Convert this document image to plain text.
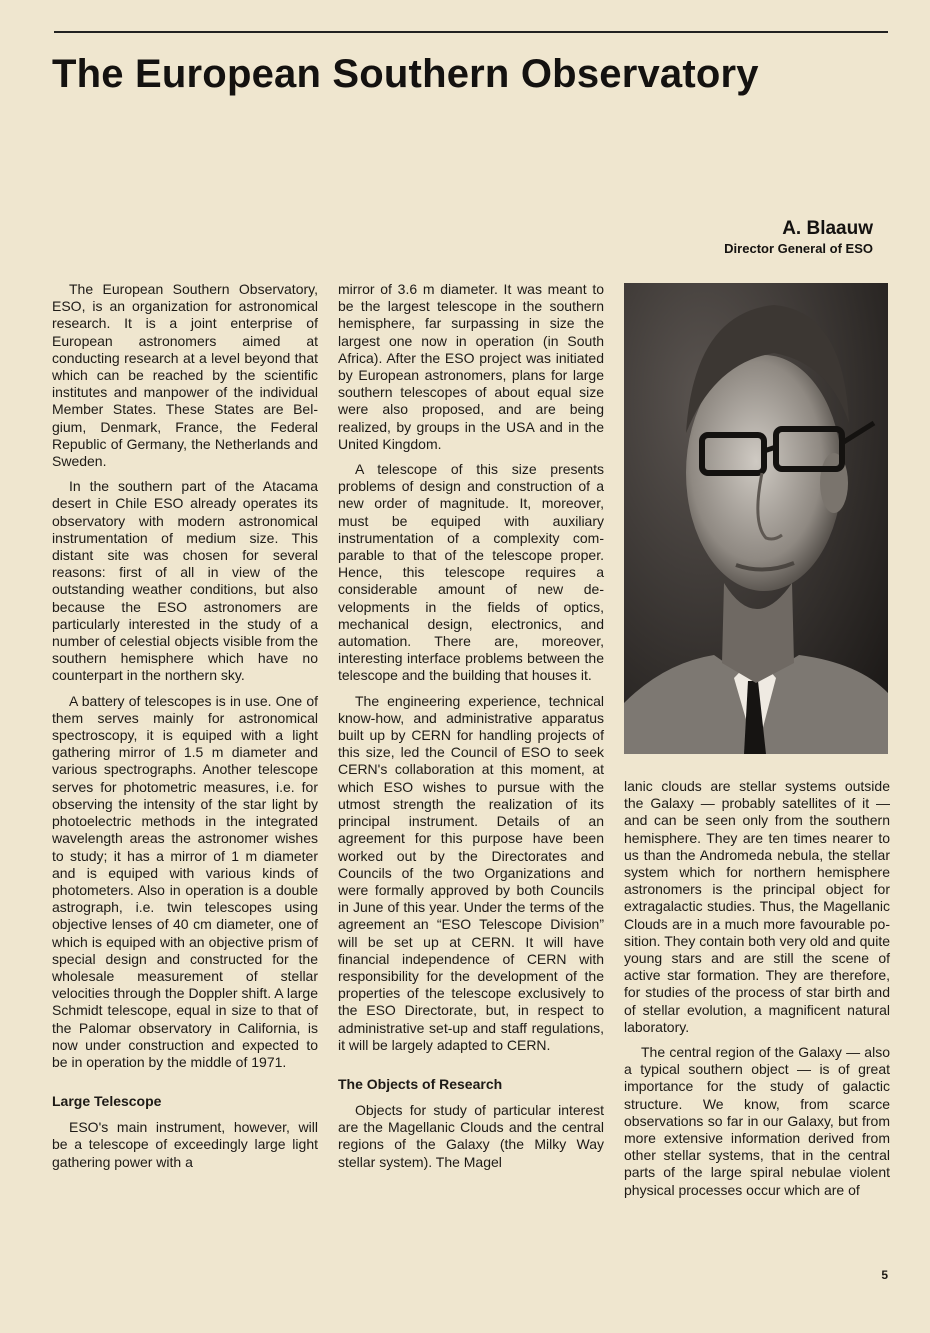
The European Southern Observatory
A. Blaauw
Director General of ESO

The European Southern Observatory, ESO, is an organization for astronomical research. It is a joint enterprise of European astronomers aimed at conducting research at a level beyond that which can be reached by the scientific institutes and manpower of the individual Member States. These States are Belgium, Denmark, France, the Federal Republic of Germany, the Netherlands and Sweden.

In the southern part of the Atacama desert in Chile ESO already operates its observatory with modern astronomical instrumentation of medium size. This distant site was chosen for several reasons: first of all in view of the outstanding weather conditions, but also because the ESO astronomers are particularly interested in the study of a number of celestial objects visible from the southern hemisphere which have no counterpart in the northern sky.

A battery of telescopes is in use. One of them serves mainly for astronomical spectroscopy, it is equiped with a light gathering mirror of 1.5 m diameter and various spectrographs. Another telescope serves for photometric measures, i.e. for observing the intensity of the star light by photoelectric methods in the integrated wavelength areas the astronomer wishes to study; it has a mirror of 1 m diameter and is equiped with various kinds of photometers. Also in operation is a double astrograph, i.e. twin telescopes using objective lenses of 40 cm diameter, one of which is equiped with an objective prism of special design and constructed for the wholesale measurement of stellar velocities through the Doppler shift. A large Schmidt telescope, equal in size to that of the Palomar observatory in California, is now under construction and expected to be in operation by the middle of 1971.

Large Telescope

ESO's main instrument, however, will be a telescope of exceedingly large light gathering power with a

mirror of 3.6 m diameter. It was meant to be the largest telescope in the southern hemisphere, far surpassing in size the largest one now in operation (in South Africa). After the ESO project was initiated by European astronomers, plans for large southern telescopes of about equal size were also proposed, and are being realized, by groups in the USA and in the United Kingdom.

A telescope of this size presents problems of design and construction of a new order of magnitude. It, moreover, must be equiped with auxiliary instrumentation of a complexity comparable to that of the telescope proper. Hence, this telescope requires a considerable amount of new developments in the fields of optics, mechanical design, electronics, and automation. There are, moreover, interesting interface problems between the telescope and the building that houses it.

The engineering experience, technical know-how, and administrative apparatus built up by CERN for handling projects of this size, led the Council of ESO to seek CERN's collaboration at this moment, at which ESO wishes to pursue with the utmost strength the realization of its principal instrument. Details of an agreement for this purpose have been worked out by the Directorates and Councils of the two Organizations and were formally approved by both Councils in June of this year. Under the terms of the agreement an “ESO Telescope Division” will be set up at CERN. It will have financial independence of CERN with responsibility for the development of the properties of the telescope exclusively to the ESO Directorate, but, in respect to administrative set-up and staff regulations, it will be largely adapted to CERN.

The Objects of Research

Objects for study of particular interest are the Magellanic Clouds and the central regions of the Galaxy (the Milky Way stellar system). The Magel

lanic clouds are stellar systems outside the Galaxy — probably satellites of it — and can be seen only from the southern hemisphere. They are ten times nearer to us than the Andromeda nebula, the stellar system which for northern hemisphere astronomers is the principal object for extragalactic studies. Thus, the Magellanic Clouds are in a much more favourable position. They contain both very old and quite young stars and are still the scene of active star formation. They are therefore, for studies of the process of star birth and of stellar evolution, a magnificent natural laboratory.

The central region of the Galaxy — also a typical southern object — is of great importance for the study of galactic structure. We know, from scarce observations so far in our Galaxy, but from more extensive information derived from other stellar systems, that in the central parts of the large spiral nebulae violent physical processes occur which are of

5
